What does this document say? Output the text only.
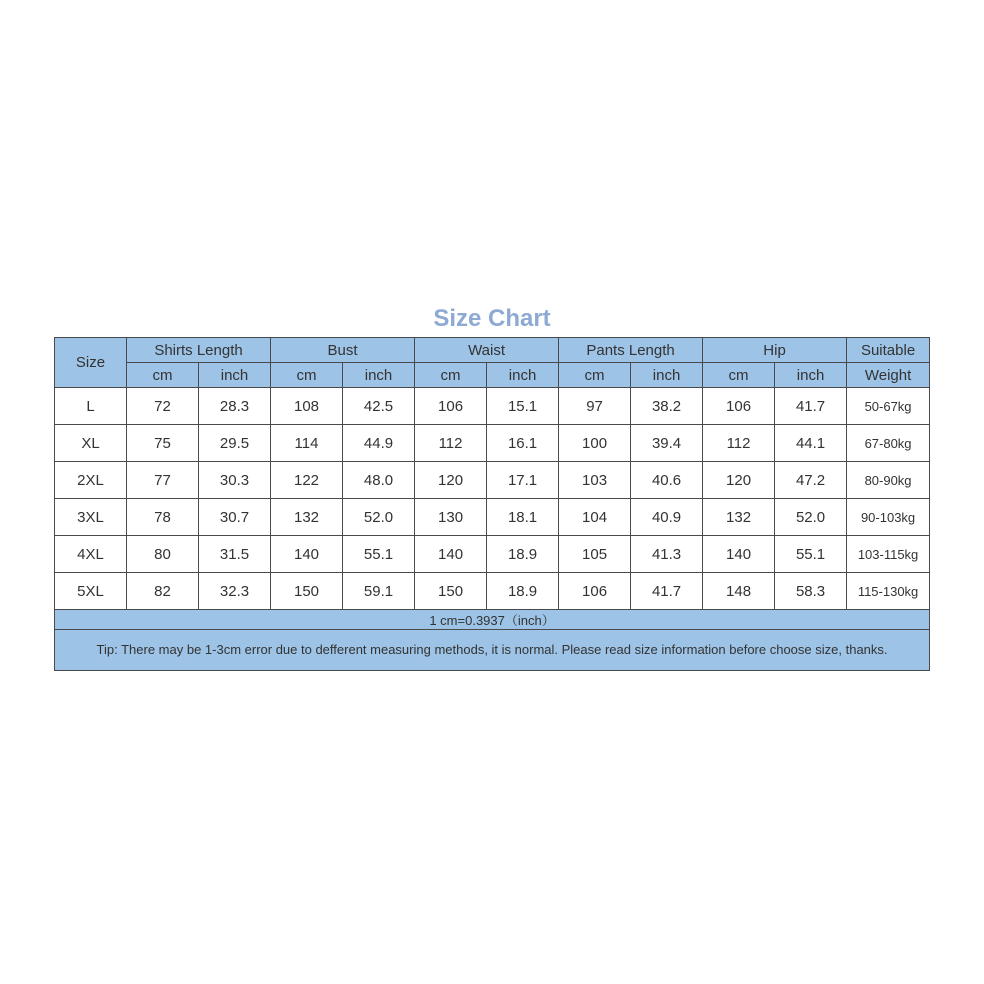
Size Chart
Size	Shirts Length		Bust		Waist		Pants Length		Hip		Suitable
	cm	inch	cm	inch	cm	inch	cm	inch	cm	inch	Weight
L	72	28.3	108	42.5	106	15.1	97	38.2	106	41.7	50-67kg
XL	75	29.5	114	44.9	112	16.1	100	39.4	112	44.1	67-80kg
2XL	77	30.3	122	48.0	120	17.1	103	40.6	120	47.2	80-90kg
3XL	78	30.7	132	52.0	130	18.1	104	40.9	132	52.0	90-103kg
4XL	80	31.5	140	55.1	140	18.9	105	41.3	140	55.1	103-115kg
5XL	82	32.3	150	59.1	150	18.9	106	41.7	148	58.3	115-130kg
1 cm=0.3937（inch）											
Tip: There may be 1-3cm error due to defferent measuring methods, it is normal. Please read size information before choose size, thanks.											
